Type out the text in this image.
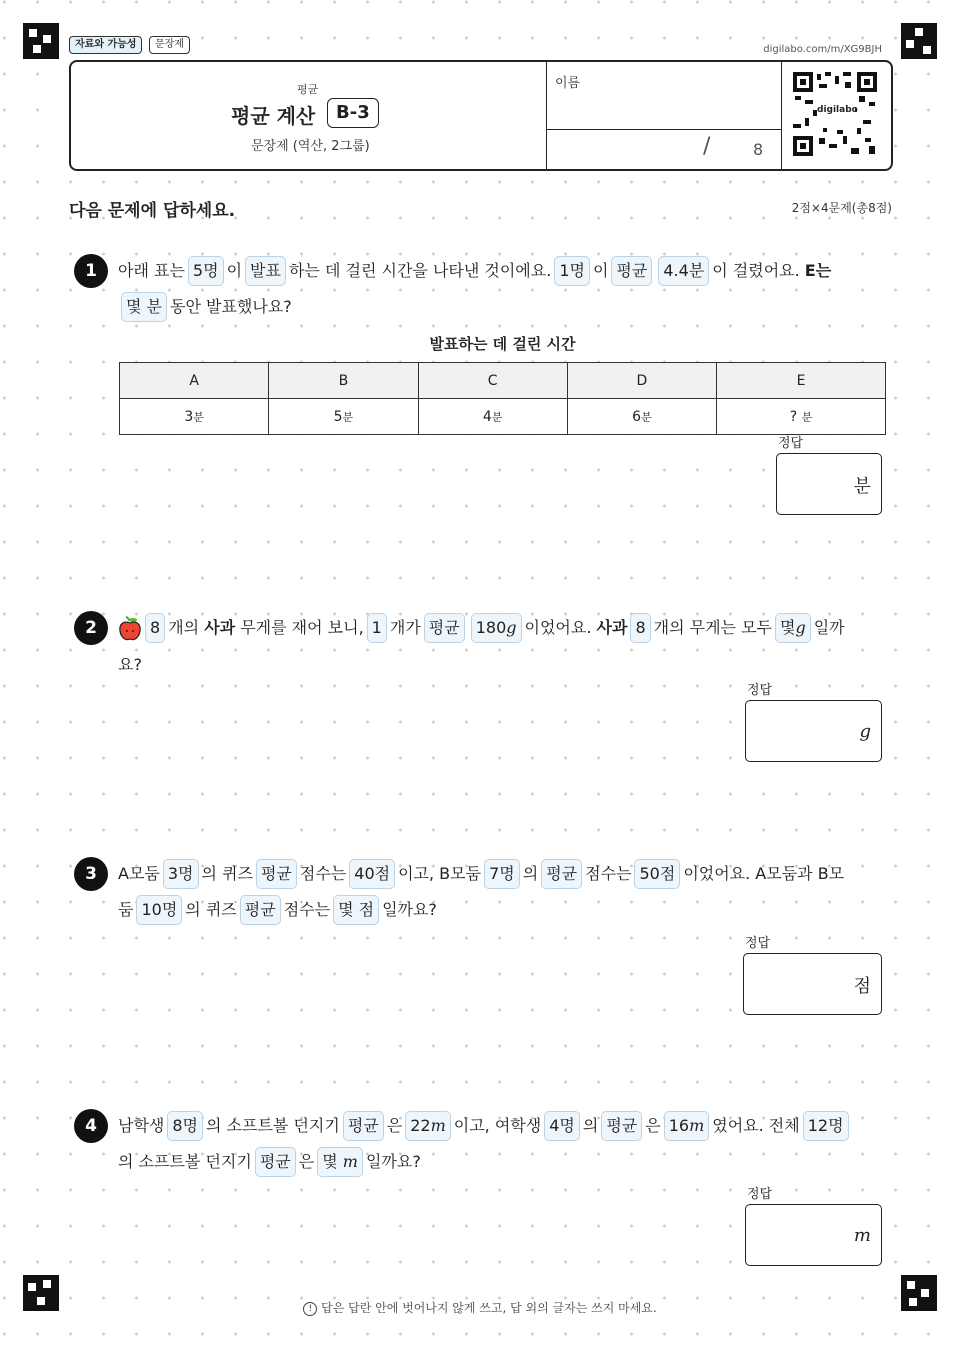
자료와 가능성	문장제	digilabo.com/m/XG9BJH
평균
평균 계산	B-3
문장제 (역산, 2그룹)
이름
/	8
digilabo
다음 문제에 답하세요.	2점×4문제(총8점)
1	아래 표는 5명 이 발표 하는 데 걸린 시간을 나타낸 것이에요. 1명 이 평균 4.4분 이 걸렸어요. E는
몇 분 동안 발표했나요?
발표하는 데 걸린 시간
A	B	C	D	E
3분	5분	4분	6분	? 분
정답
분
2	8 개의 사과 무게를 재어 보니, 1 개가 평균 180g 이었어요. 사과 8 개의 무게는 모두 몇g 일까
요?
정답
g
3	A모둠 3명 의 퀴즈 평균 점수는 40점 이고, B모둠 7명 의 평균 점수는 50점 이었어요. A모둠과 B모
둠 10명 의 퀴즈 평균 점수는 몇 점 일까요?
정답
점
4	남학생 8명 의 소프트볼 던지기 평균 은 22m 이고, 여학생 4명 의 평균 은 16m 였어요. 전체 12명
의 소프트볼 던지기 평균 은 몇 m 일까요?
정답
m
! 답은 답란 안에 벗어나지 않게 쓰고, 답 외의 글자는 쓰지 마세요.
